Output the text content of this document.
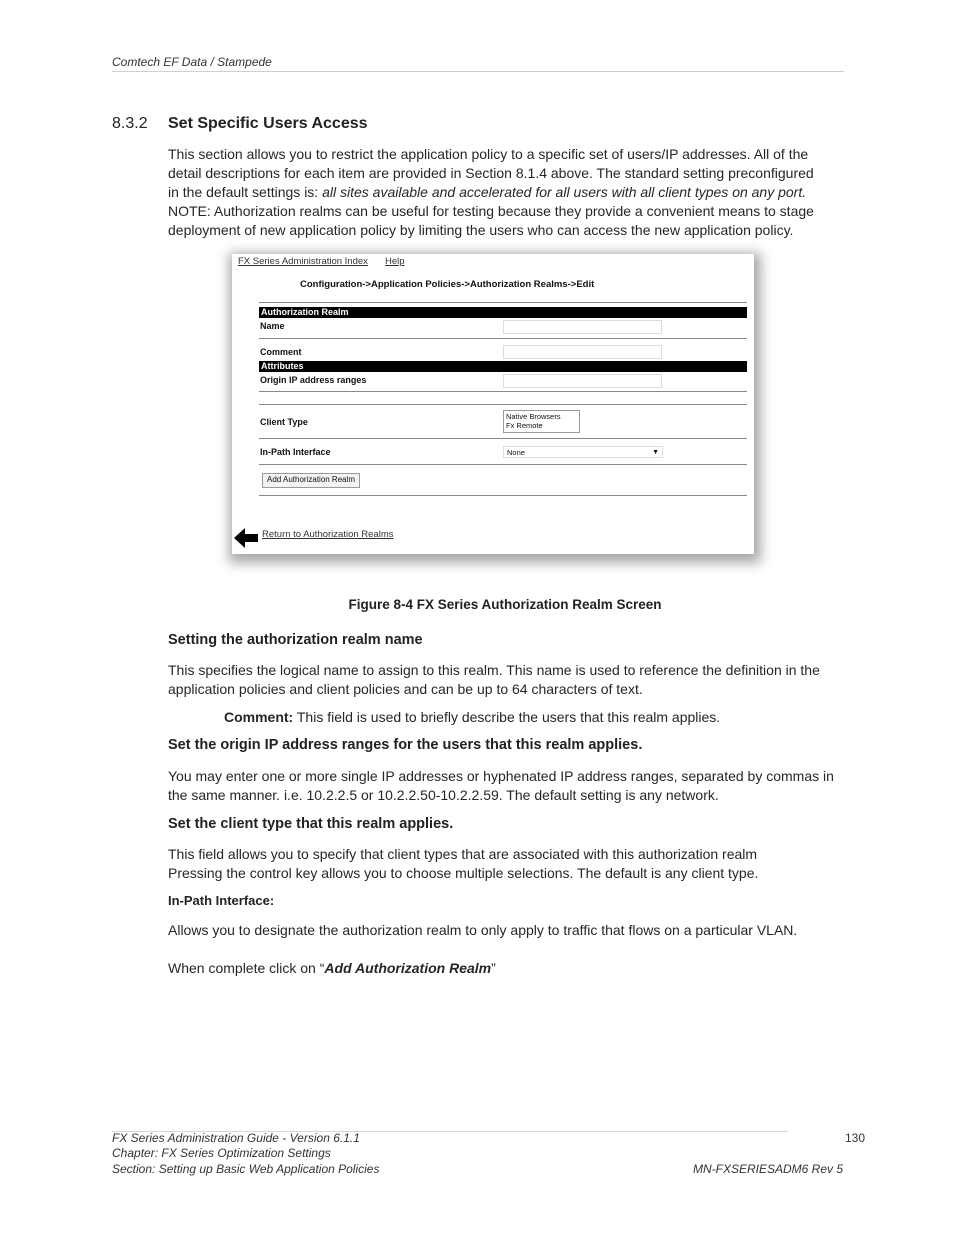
Comtech EF Data / Stampede
8.3.2 Set Specific Users Access
This section allows you to restrict the application policy to a specific set of users/IP addresses. All of the
detail descriptions for each item are provided in Section 8.1.4 above. The standard setting preconfigured
in the default settings is: all sites available and accelerated for all users with all client types on any port.
NOTE: Authorization realms can be useful for testing because they provide a convenient means to stage
deployment of new application policy by limiting the users who can access the new application policy.
FX Series Administration Index Help
Configuration->Application Policies->Authorization Realms->Edit
Authorization Realm
Name
Comment
Attributes
Origin IP address ranges
Client Type
Native Browsers
Fx Remote
In-Path Interface	None	▼
Add Authorization Realm
Return to Authorization Realms
Figure 8-4 FX Series Authorization Realm Screen
Setting the authorization realm name
This specifies the logical name to assign to this realm. This name is used to reference the definition in the
application policies and client policies and can be up to 64 characters of text.
Comment: This field is used to briefly describe the users that this realm applies.
Set the origin IP address ranges for the users that this realm applies.
You may enter one or more single IP addresses or hyphenated IP address ranges, separated by commas in
the same manner. i.e. 10.2.2.5 or 10.2.2.50-10.2.2.59. The default setting is any network.
Set the client type that this realm applies.
This field allows you to specify that client types that are associated with this authorization realm
Pressing the control key allows you to choose multiple selections. The default is any client type.
In-Path Interface:
Allows you to designate the authorization realm to only apply to traffic that flows on a particular VLAN.
When complete click on “Add Authorization Realm”
FX Series Administration Guide - Version 6.1.1
Chapter: FX Series Optimization Settings
Section: Setting up Basic Web Application Policies
130
MN-FXSERIESADM6 Rev 5
